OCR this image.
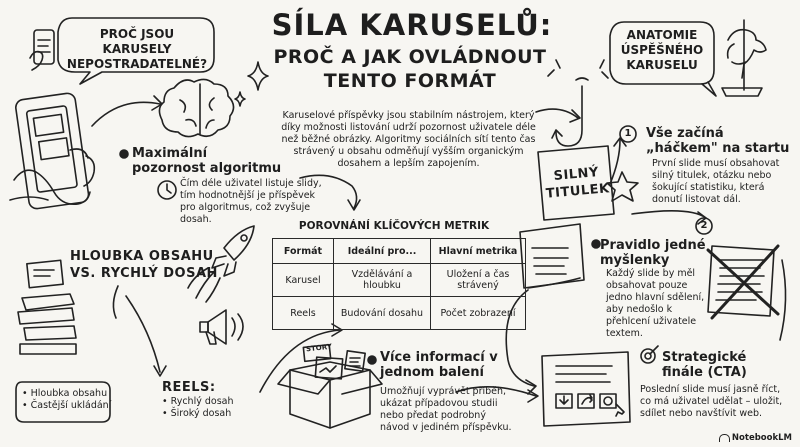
SÍLA KARUSELŮ:
PROČ A JAK OVLÁDNOUT
TENTO FORMÁT
Karuselové příspěvky jsou stabilním nástrojem, který díky možnosti listování udrží pozornost uživatele déle než běžné obrázky. Algoritmy sociálních sítí tento čas strávený u obsahu odměňují vyšším organickým dosahem a lepším zapojením.
PROČ JSOU KARUSELY NEPOSTRADATELNÉ?
Maximální pozornost algoritmu
Čím déle uživatel listuje slidy, tím hodnotnější je příspěvek pro algoritmus, což zvyšuje dosah.
HLOUBKA OBSAHU VS. RYCHLÝ DOSAH
• Hloubka obsahu
• Častější ukládání
REELS:
• Rychlý dosah
• Široký dosah
POROVNÁNÍ KLÍČOVÝCH METRIK
Formát	Ideální pro...	Hlavní metrika
Karusel	Vzdělávání a hloubku	Uložení a čas strávený
Reels	Budování dosahu	Počet zobrazení
STORY
Více informací v jednom balení
Umožňují vyprávět příběh, ukázat případovou studii nebo předat podrobný návod v jediném příspěvku.
ANATOMIE ÚSPĚŠNÉHO KARUSELU
SILNÝ TITULEK
1 Vše začíná „háčkem" na startu
První slide musí obsahovat silný titulek, otázku nebo šokující statistiku, která donutí listovat dál.
2
Pravidlo jedné myšlenky
Každý slide by měl obsahovat pouze jedno hlavní sdělení, aby nedošlo k přehlcení uživatele textem.
Strategické finále (CTA)
Poslední slide musí jasně říct, co má uživatel udělat – uložit, sdílet nebo navštívit web.
NotebookLM
